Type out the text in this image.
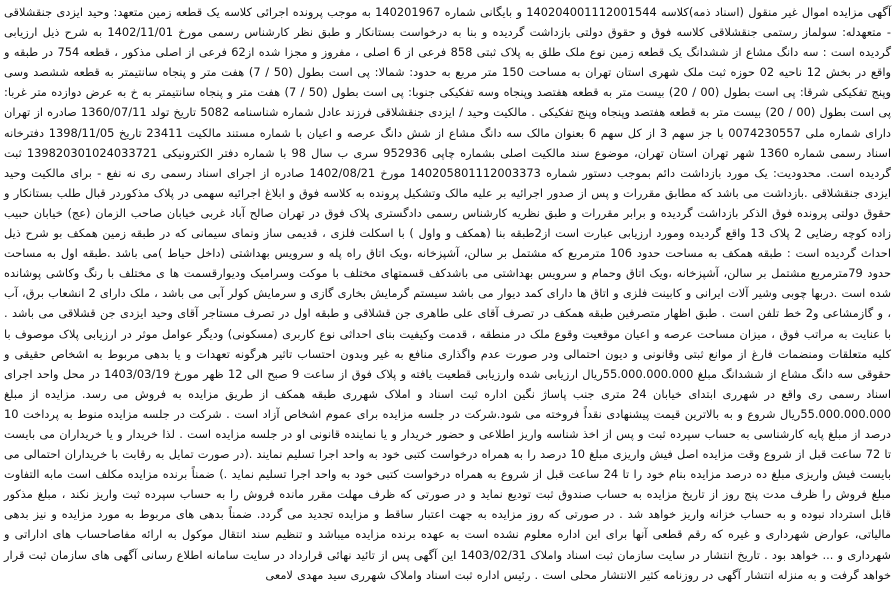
آگهی مزایده اموال غیر منقول (اسناد ذمه)کلاسه 140204001112001544 و بایگانی شماره 140201967 به موجب پرونده اجرائی کلاسه یک قطعه زمین متعهد: وحید ایزدی جنقشلاقی - متعهدله: سولماز رستمی جنقشلاقی کلاسه فوق و حقوق دولتی بازداشت گردیده و بنا به درخواست بستانکار و طبق نظر کارشناس رسمی مورخ 1402/11/01 به شرح ذیل ارزیابی گردیده است : سه دانگ مشاع از ششدانگ یک قطعه زمین نوع ملک طلق به پلاک ثبتی 858 فرعی از 6 اصلی ، مفروز و مجزا شده از62 فرعی از اصلی مذکور ، قطعه 754 در طبقه و واقع در بخش 12 ناحیه 02 حوزه ثبت ملک شهری استان تهران به مساحت 150 متر مربع به حدود: شمالا: پی است بطول (50 / 7) هفت متر و پنجاه سانتیمتر به قطعه ششصد وسی وپنج تفکیکی شرقا: پی است بطول (00 / 20) بیست متر به قطعه هفتصد وپنجاه وسه تفکیکی جنوبا: پی است بطول (50 / 7) هفت متر و پنجاه سانتیمتر به خ به عرض دوازده متر غربا: پی است بطول (00 / 20) بیست متر به قطعه هفتصد وپنجاه وپنج تفکیکی . مالکیت وحید / ایزدی جنقشلاقی فرزند عادل شماره شناسنامه 5082 تاریخ تولد 1360/07/11 صادره از تهران دارای شماره ملی 0074230557 با جز سهم 3 از کل سهم 6 بعنوان مالک سه دانگ مشاع از شش دانگ عرصه و اعیان با شماره مستند مالکیت 23411 تاریخ 1398/11/05 دفترخانه اسناد رسمی شماره 1360 شهر تهران استان تهران، موضوع سند مالکیت اصلی بشماره چاپی 952936 سری ب سال 98 با شماره دفتر الکترونیکی 139820301024033721 ثبت گردیده است. محدودیت: یک مورد بازداشت دائم بموجب دستور شماره 140205801112003373 مورخ 1402/08/21 صادره از اجرای اسناد رسمی ری نه نفع - برای مالکیت وحید ایزدی جنقشلاقی .بازداشت می باشد که مطابق مقررات و پس از صدور اجرائیه بر علیه مالک وتشکیل پرونده به کلاسه فوق و ابلاغ اجرائیه سهمی در پلاک مذکوردر قبال طلب بستانکار و حقوق دولتی پرونده فوق الذکر بازداشت گردیده و برابر مقررات و طبق نظریه کارشناس رسمی دادگستری پلاک فوق در تهران صالح آباد غربی خیابان صاحب الزمان (عج) خیابان حبیب زاده کوچه رضایی 2 پلاک 13 واقع گردیده ومورد ارزیابی عبارت است از2طبقه بنا (همکف و واول ) با اسکلت فلزی ، قدیمی ساز ونمای سیمانی که در طبقه زمین همکف بو شرح ذیل احداث گردیده است : طبقه همکف به مساحت حدود 106 مترمربع که مشتمل بر سالن، آشپزخانه ،ویک اتاق راه پله و سرویس بهداشتی (داخل حیاط )می باشد .طبقه اول به مساحت حدود 79مترمربع مشتمل بر سالن، آشپزخانه ،ویک اتاق وحمام و سرویس بهداشتی می باشدکف قسمتهای مختلف با موکت وسرامیک ودیوارقسمت ها ی مختلف با رنگ وکاشی پوشانده شده است .دربها چوبی وشیر آلات ایرانی و کابینت فلزی و اتاق ها دارای کمد دیوار می باشد سیستم گرمایش بخاری گازی و سرمایش کولر آبی می باشد ، ملک دارای 2 انشعاب برق، آب ، و گازمشاعی و2 خط تلفن است . طبق اظهار متصرفین طبقه همکف در تصرف آقای علی طاهری جن قشلاقی و طبقه اول در تصرف مستاجر آقای وحید ایزدی جن قشلاقی می باشد . با عنایت به مراتب فوق ، میزان مساحت عرصه و اعیان موقعیت وقوع ملک در منطقه ، قدمت وکیفیت بنای احداثی نوع کاربری (مسکونی) ودیگر عوامل موثر در ارزیابی پلاک موصوف با کلیه متعلقات ومنضمات فارغ از موانع ثبتی وقانونی و دیون احتمالی ودر صورت عدم واگذاری منافع به غیر وبدون احتساب تاثیر هرگونه تعهدات و یا بدهی مربوط به اشخاص حقیقی و حقوقی سه دانگ مشاع از ششدانگ مبلغ 55.000.000.000ریال ارزیابی شده وارزیابی قطعیت یافته و پلاک فوق از ساعت 9 صبح الی 12 ظهر مورخ 1403/03/19 در محل واحد اجرای اسناد رسمی ری واقع در شهرری ابتدای خیابان 24 متری جنب پاساژ نگین اداره ثبت اسناد و املاک شهرری طبقه همکف از طریق مزایده به فروش می رسد. مزایده از مبلغ 55.000.000.000ریال شروع و به بالاترین قیمت پیشنهادی نقداً فروخته می شود.شرکت در جلسه مزایده برای عموم اشخاص آزاد است . شرکت در جلسه مزایده منوط به پرداخت 10 درصد از مبلغ پایه کارشناسی به حساب سپرده ثبت و پس از اخذ شناسه واریز اطلاعی و حضور خریدار و یا نماینده قانونی او در جلسه مزایده است . لذا خریدار و یا خریداران می بایست تا 72 ساعت قبل از شروع وقت مزایده اصل فیش واریزی مبلغ 10 درصد را به همراه درخواست کتبی خود به واحد اجرا تسلیم نمایند .(در صورت تمایل به رقابت با خریداران احتمالی می بایست فیش واریزی مبلغ ده درصد مزایده بنام خود را تا 24 ساعت قبل از شروع به همراه درخواست کتبی خود به واحد اجرا تسلیم نماید .) ضمناً برنده مزایده مکلف است مابه التفاوت مبلغ فروش را ظرف مدت پنج روز از تاریخ مزایده به حساب صندوق ثبت تودیع نماید و در صورتی که ظرف مهلت مقرر مانده فروش را به حساب سپرده ثبت واریز نکند ، مبلغ مذکور قابل استرداد نبوده و به حساب خزانه واریز خواهد شد . در صورتی که روز مزایده به جهت اعتبار ساقط و مزایده تجدید می گردد. ضمناً بدهی های مربوط به مورد مزایده و نیز بدهی مالیاتی، عوارض شهرداری و غیره که رقم قطعی آنها برای این اداره معلوم نشده است به عهده برنده مزایده میباشد و تنظیم سند انتقال موکول به ارائه مفاصاحساب های اداراتی و شهرداری و ... خواهد بود . تاریخ انتشار در سایت سازمان ثبت اسناد واملاک 1403/02/31 این آگهی پس از تائید نهائی قرارداد در سایت سامانه اطلاع رسانی آگهی های سازمان ثبت قرار خواهد گرفت و به منزله انتشار آگهی در روزنامه کثیر الانتشار محلی است . رئیس اداره ثبت اسناد واملاک شهرری سید مهدی لامعی
